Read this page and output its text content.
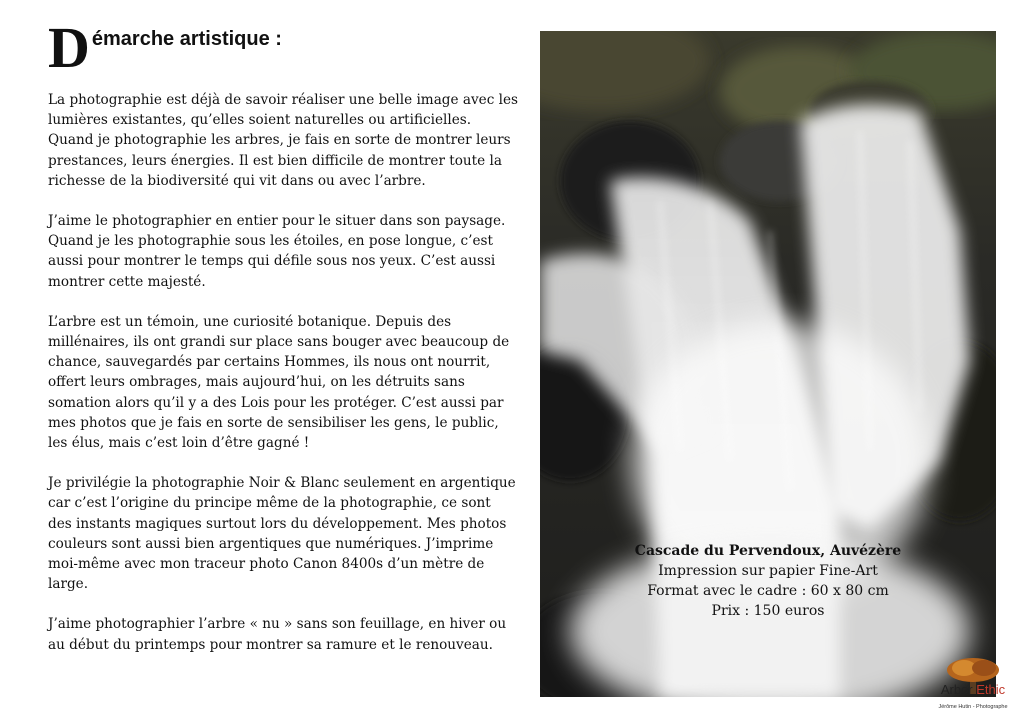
D émarche artistique :

La photographie est déjà de savoir réaliser une belle image avec les lumières existantes, qu’elles soient naturelles ou artificielles. Quand je photographie les arbres, je fais en sorte de montrer leurs prestances, leurs énergies. Il est bien difficile de montrer toute la richesse de la biodiversité qui vit dans ou avec l’arbre.

J’aime le photographier en entier pour le situer dans son paysage. Quand je les photographie sous les étoiles, en pose longue, c’est aussi pour montrer le temps qui défile sous nos yeux. C’est aussi montrer cette majesté.

L’arbre est un témoin, une curiosité botanique. Depuis des millénaires, ils ont grandi sur place sans bouger avec beaucoup de chance, sauvegardés par certains Hommes, ils nous ont nourrit, offert leurs ombrages, mais aujourd’hui, on les détruits sans somation alors qu’il y a des Lois pour les protéger. C’est aussi par mes photos que je fais en sorte de sensibiliser les gens, le public, les élus, mais c’est loin d’être gagné !

Je privilégie la photographie Noir & Blanc seulement en argentique car c’est l’origine du principe même de la photographie, ce sont des instants magiques surtout lors du développement. Mes photos couleurs sont aussi bien argentiques que numériques. J’imprime moi-même avec mon traceur photo Canon 8400s d’un mètre de large.

J’aime photographier l’arbre « nu » sans son feuillage, en hiver ou au début du printemps pour montrer sa ramure et le renouveau.

Cascade du Pervendoux, Auvézère
Impression sur papier Fine-Art
Format avec le cadre : 60 x 80 cm
Prix : 150 euros
Arbor Ethic
Jérôme Hutin - Photographe
